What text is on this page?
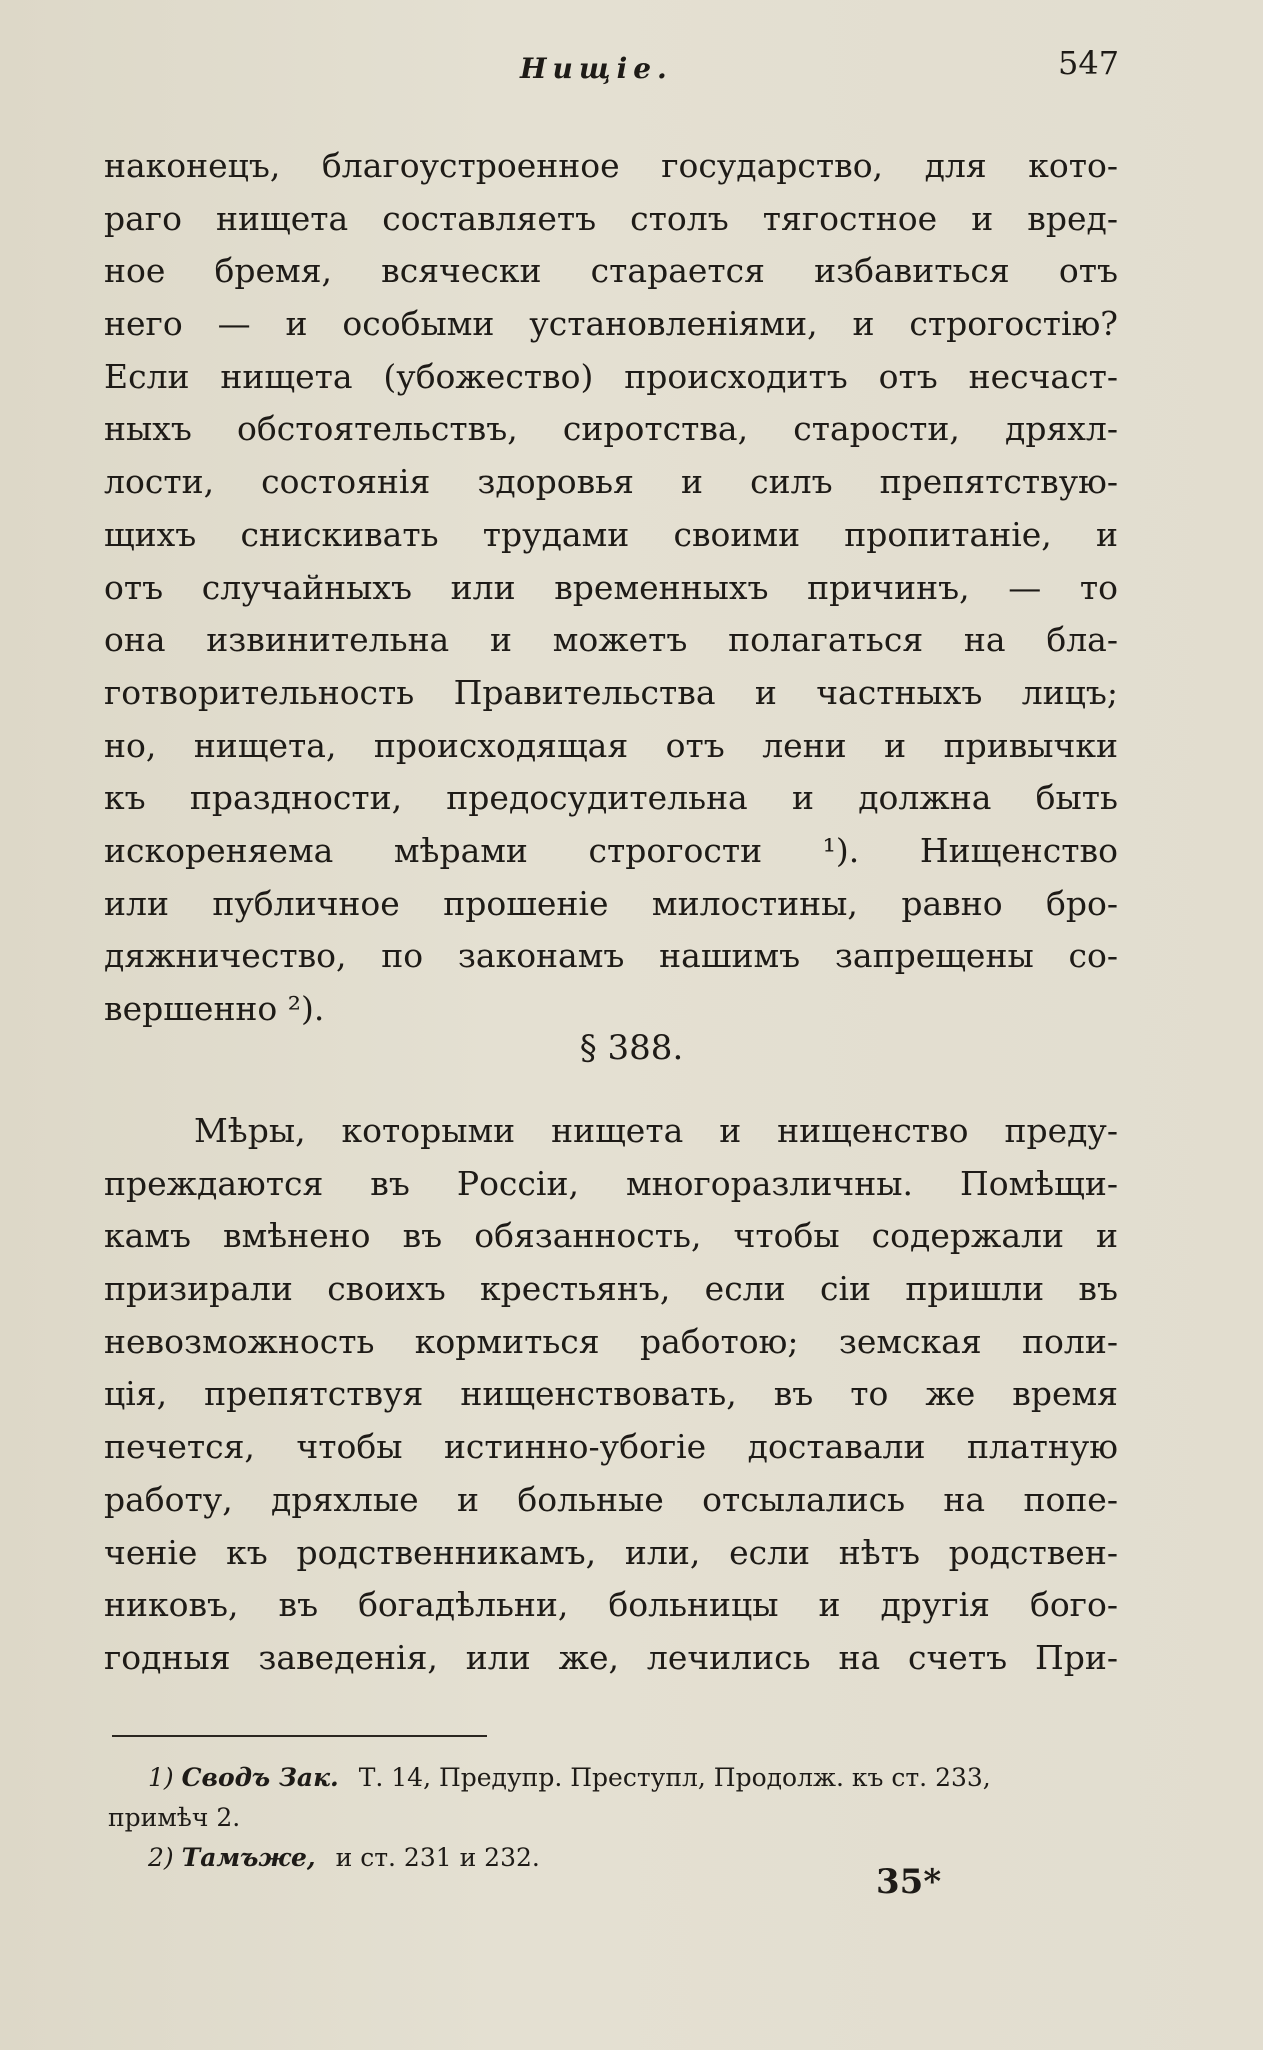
Нищіе.	547
наконецъ, благоустроенное государство, для кото-
раго нищета составляетъ столъ тягостное и вред-
ное бремя, всячески старается избавиться отъ
него — и особыми установленіями, и строгостію?
Если нищета (убожество) происходитъ отъ несчаст-
ныхъ обстоятельствъ, сиротства, старости, дряхл-
лости, состоянія здоровья и силъ препятствую-
щихъ снискивать трудами своими пропитаніе, и
отъ случайныхъ или временныхъ причинъ, — то
она извинительна и можетъ полагаться на бла-
готворительность Правительства и частныхъ лицъ;
но, нищета, происходящая отъ лени и привычки
къ праздности, предосудительна и должна быть
искореняема мѣрами строгости ¹). Нищенство
или публичное прошеніе милостины, равно бро-
дяжничество, по законамъ нашимъ запрещены со-
вершенно ²).
§ 388.
Мѣры, которыми нищета и нищенство преду-
преждаются въ Россіи, многоразличны. Помѣщи-
камъ вмѣнено въ обязанность, чтобы содержали и
призирали своихъ крестьянъ, если сіи пришли въ
невозможность кормиться работою; земская поли-
ція, препятствуя нищенствовать, въ то же время
печется, чтобы истинно-убогіе доставали платную
работу, дряхлые и больные отсылались на попе-
ченіе къ родственникамъ, или, если нѣтъ родствен-
никовъ, въ богадѣльни, больницы и другія бого-
годныя заведенія, или же, лечились на счетъ При-
1) Сводъ Зак. Т. 14, Предупр. Преступл, Продолж. къ ст. 233,
примѣч 2.
2) Тамъже, и ст. 231 и 232.
35*
